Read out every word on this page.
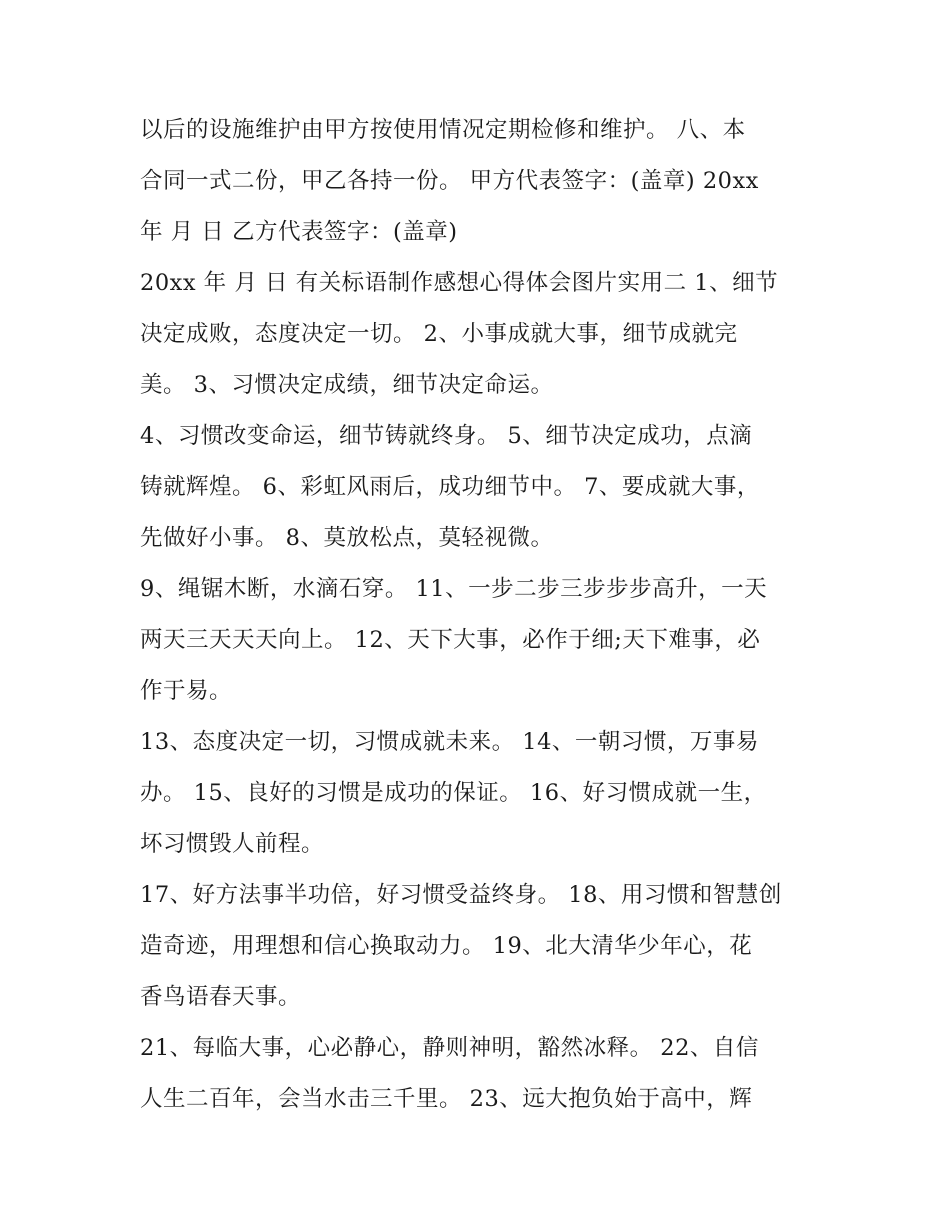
以后的设施维护由甲方按使用情况定期检修和维护。 八、本
合同一式二份，甲乙各持一份。 甲方代表签字：(盖章) 20xx
年 月 日 乙方代表签字：(盖章)
20xx 年 月 日 有关标语制作感想心得体会图片实用二 1、细节
决定成败，态度决定一切。 2、小事成就大事，细节成就完
美。 3、习惯决定成绩，细节决定命运。
4、习惯改变命运，细节铸就终身。 5、细节决定成功，点滴
铸就辉煌。 6、彩虹风雨后，成功细节中。 7、要成就大事，
先做好小事。 8、莫放松点，莫轻视微。
9、绳锯木断，水滴石穿。 11、一步二步三步步步高升，一天
两天三天天天向上。 12、天下大事，必作于细;天下难事，必
作于易。
13、态度决定一切，习惯成就未来。 14、一朝习惯，万事易
办。 15、良好的习惯是成功的保证。 16、好习惯成就一生，
坏习惯毁人前程。
17、好方法事半功倍，好习惯受益终身。 18、用习惯和智慧创
造奇迹，用理想和信心换取动力。 19、北大清华少年心，花
香鸟语春天事。
21、每临大事，心必静心，静则神明，豁然冰释。 22、自信
人生二百年，会当水击三千里。 23、远大抱负始于高中，辉
